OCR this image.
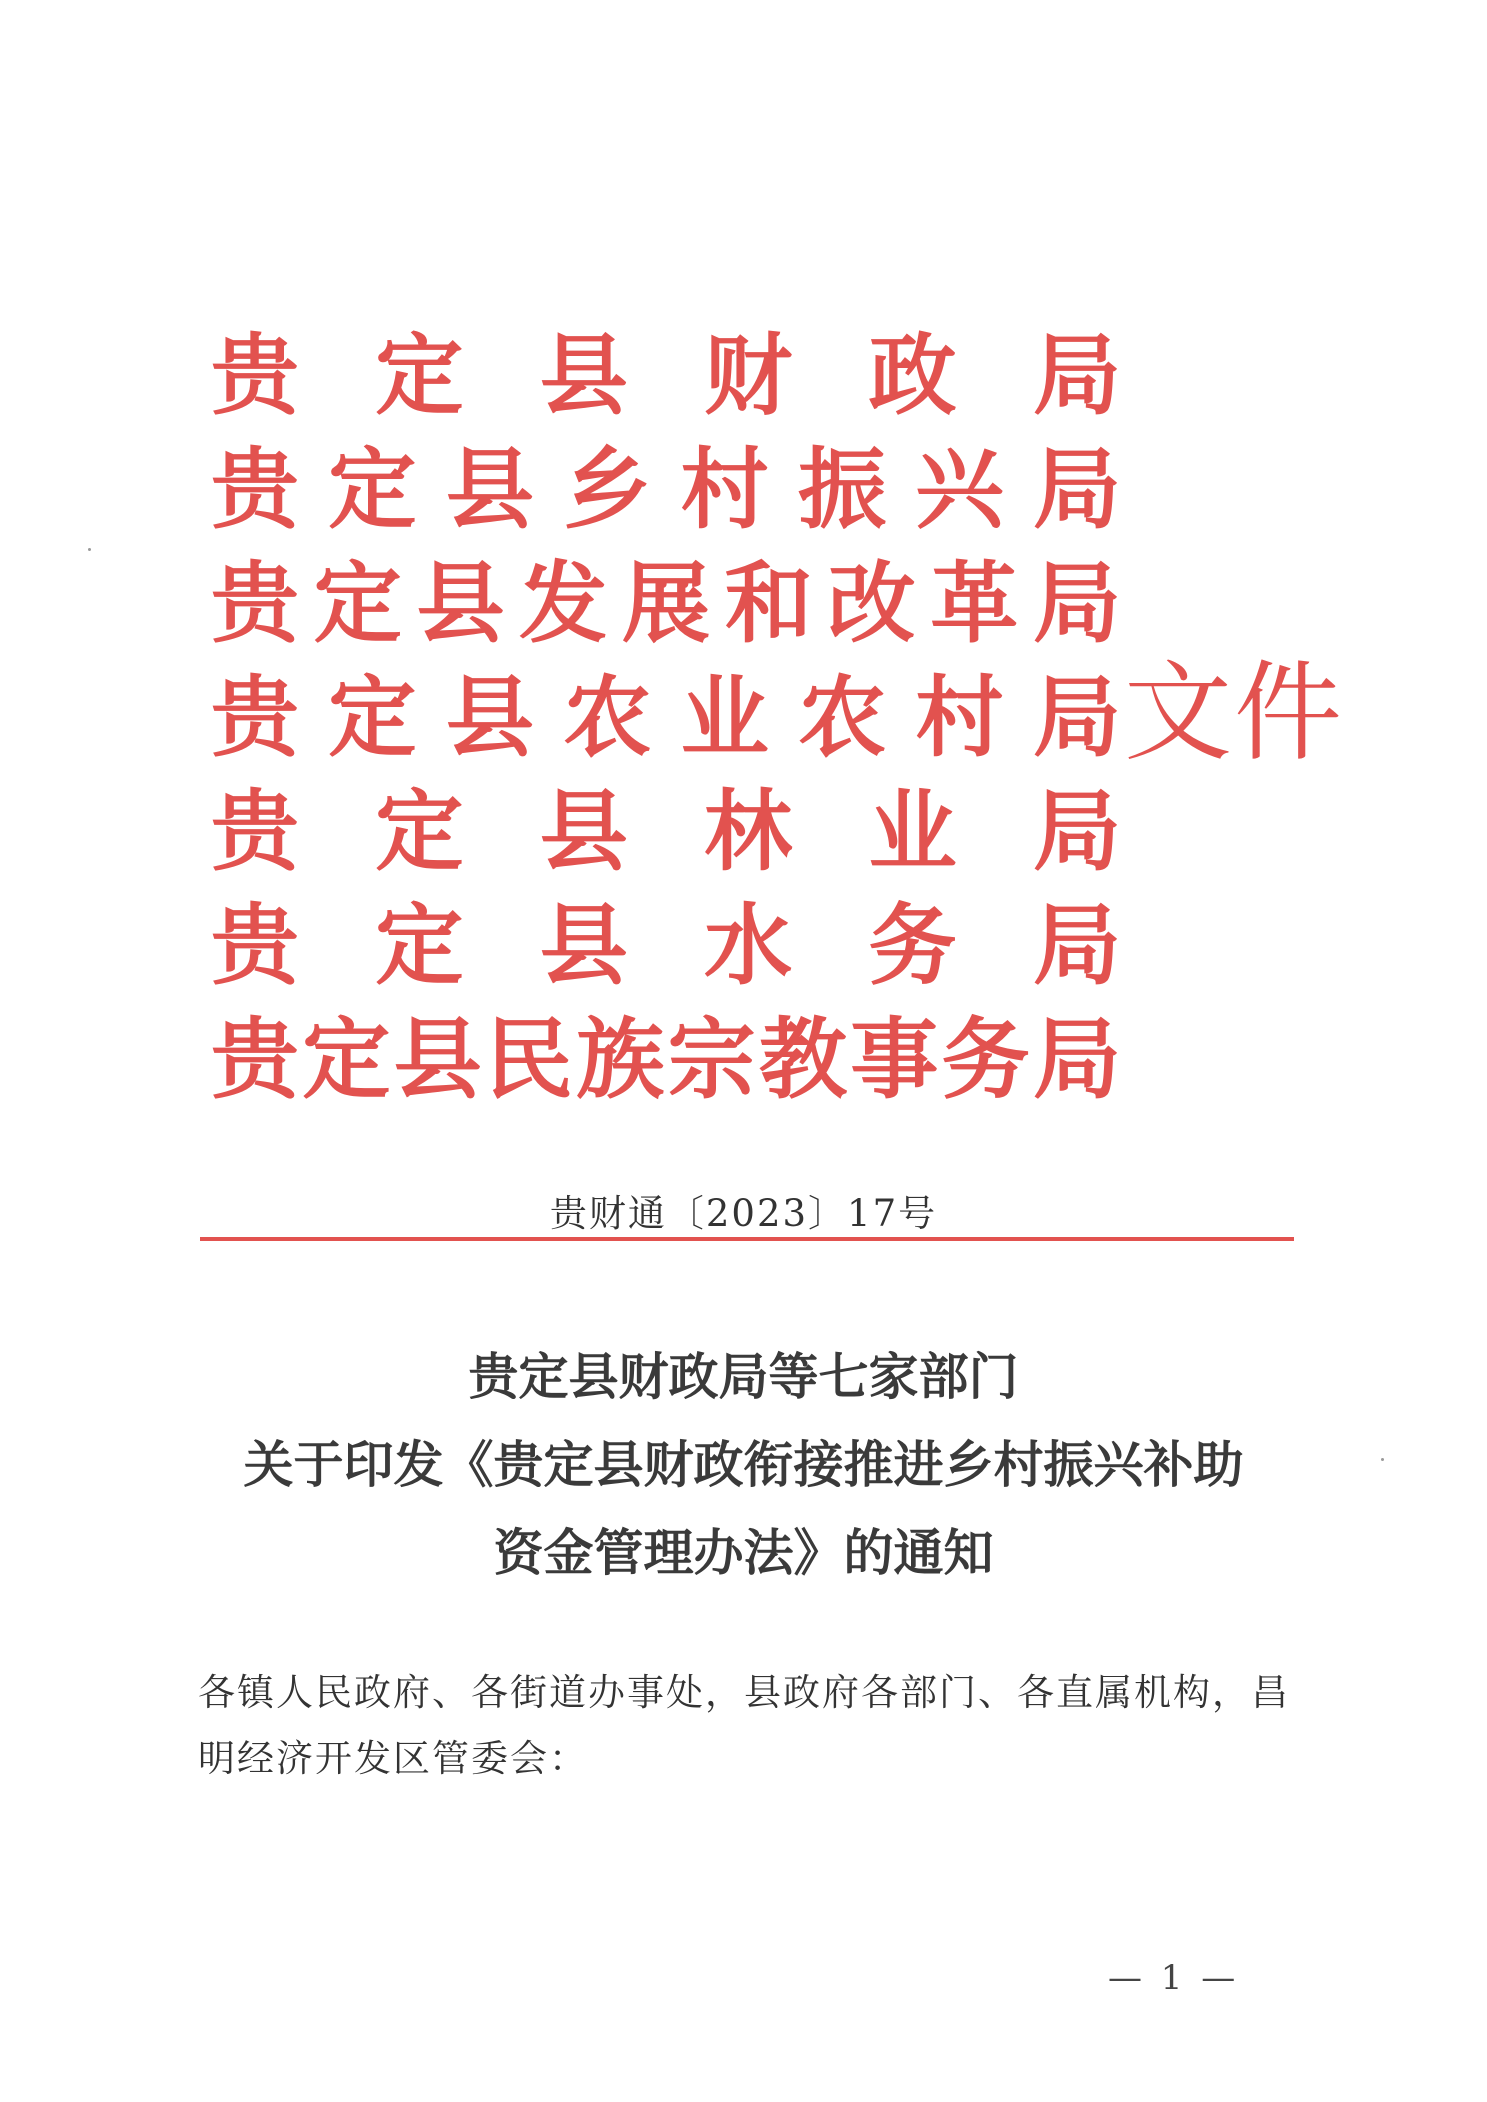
贵 定 县 财 政 局
贵 定 县 乡 村 振 兴 局
贵 定 县 发 展 和 改 革 局
贵 定 县 农 业 农 村 局
贵 定 县 林 业 局
贵 定 县 水 务 局
贵 定 县 民 族 宗 教 事 务 局
文件
贵财通〔2023〕17号
贵定县财政局等七家部门
关于印发《贵定县财政衔接推进乡村振兴补助
资金管理办法》的通知
各镇人民政府、各街道办事处，县政府各部门、各直属机构，昌
明经济开发区管委会：
— 1 —
